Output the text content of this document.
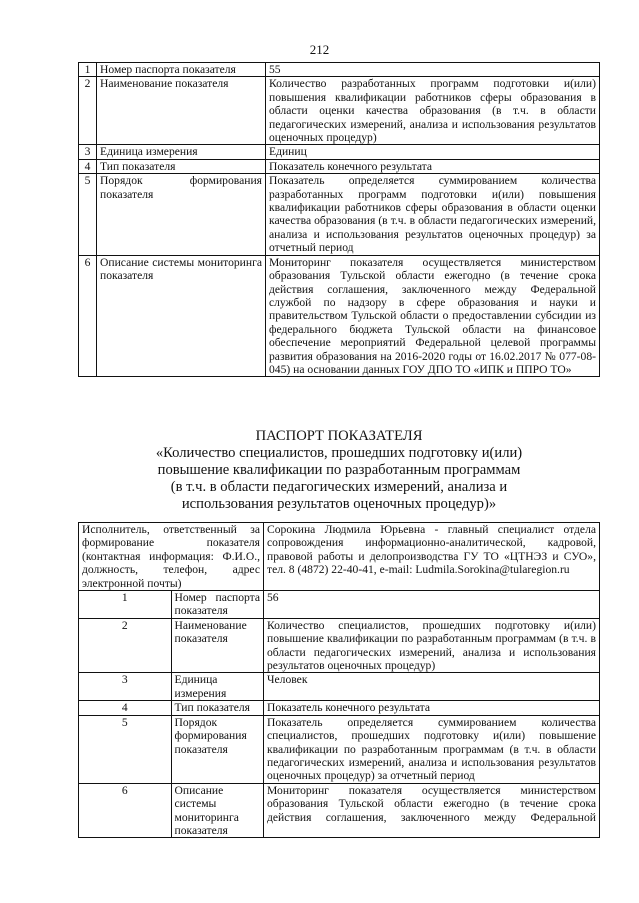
212
1	Номер паспорта показателя	55
2	Наименование показателя	Количество разработанных программ подготовки и(или) повышения квалификации работников сферы образования в области оценки качества образования (в т.ч. в области педагогических измерений, анализа и использования результатов оценочных процедур)
3	Единица измерения	Единиц
4	Тип показателя	Показатель конечного результата
5	Порядок формирования показателя	Показатель определяется суммированием количества разработанных программ подготовки и(или) повышения квалификации работников сферы образования в области оценки качества образования (в т.ч. в области педагогических измерений, анализа и использования результатов оценочных процедур) за отчетный период
6	Описание системы мониторинга показателя	Мониторинг показателя осуществляется министерством образования Тульской области ежегодно (в течение срока действия соглашения, заключенного между Федеральной службой по надзору в сфере образования и науки и правительством Тульской области о предоставлении субсидии из федерального бюджета Тульской области на финансовое обеспечение мероприятий Федеральной целевой программы развития образования на 2016-2020 годы от 16.02.2017 № 077-08-045) на основании данных ГОУ ДПО ТО «ИПК и ППРО ТО»
ПАСПОРТ ПОКАЗАТЕЛЯ

«Количество специалистов, прошедших подготовку и(или)

повышение квалификации по разработанным программам

(в т.ч. в области педагогических измерений, анализа и

использования результатов оценочных процедур)»

Исполнитель, ответственный за формирование показателя (контактная информация: Ф.И.О., должность, телефон, адрес электронной почты)		Сорокина Людмила Юрьевна - главный специалист отдела сопровождения информационно-аналитической, кадровой, правовой работы и делопроизводства ГУ ТО «ЦТНЭЗ и СУО», тел. 8 (4872) 22-40-41, e-mail: Ludmila.Sorokina@tularegion.ru
1	Номер паспорта показателя	56
2	Наименование показателя	Количество специалистов, прошедших подготовку и(или) повышение квалификации по разработанным программам (в т.ч. в области педагогических измерений, анализа и использования результатов оценочных процедур)
3	Единица измерения	Человек
4	Тип показателя	Показатель конечного результата
5	Порядок формирования показателя	Показатель определяется суммированием количества специалистов, прошедших подготовку и(или) повышение квалификации по разработанным программам (в т.ч. в области педагогических измерений, анализа и использования результатов оценочных процедур) за отчетный период
6	Описание системы мониторинга показателя	Мониторинг показателя осуществляется министерством образования Тульской области ежегодно (в течение срока действия соглашения, заключенного между Федеральной
